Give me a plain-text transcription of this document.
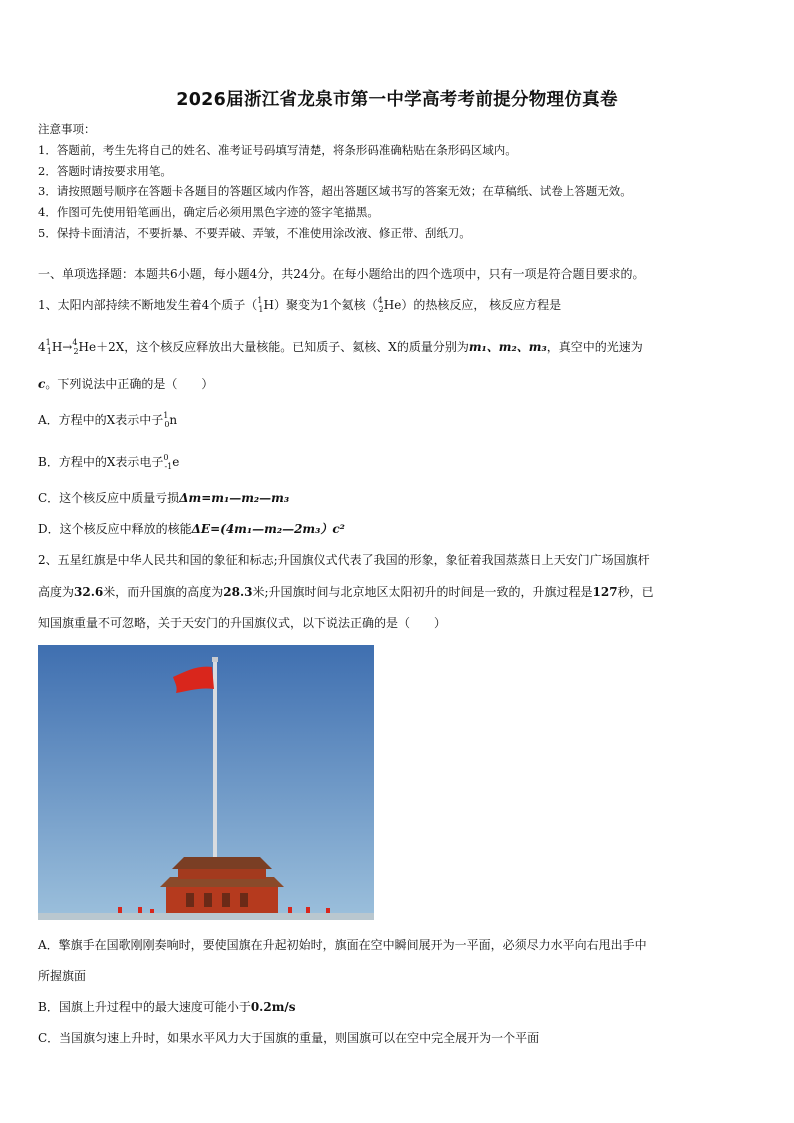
2026届浙江省龙泉市第一中学高考考前提分物理仿真卷
注意事项：
1．答题前，考生先将自己的姓名、准考证号码填写清楚，将条形码准确粘贴在条形码区域内。
2．答题时请按要求用笔。
3．请按照题号顺序在答题卡各题目的答题区域内作答，超出答题区域书写的答案无效；在草稿纸、试卷上答题无效。
4．作图可先使用铅笔画出，确定后必须用黑色字迹的签字笔描黑。
5．保持卡面清洁，不要折暴、不要弄破、弄皱，不准使用涂改液、修正带、刮纸刀。
一、单项选择题：本题共6小题，每小题4分，共24分。在每小题给出的四个选项中，只有一项是符合题目要求的。
1、太阳内部持续不断地发生着4个质子（$^1_1$H）聚变为1个氦核（$^4_2$He）的热核反应， 核反应方程是
$4^1_1H\to^4_2He+2X$，这个核反应释放出大量核能。已知质子、氦核、X的质量分别为m₁、m₂、m₃，真空中的光速为
c。下列说法中正确的是（　　）
A．方程中的X表示中子$^1_0$n
B．方程中的X表示电子$^0_{-1}$e
C．这个核反应中质量亏损Δm=m₁—m₂—m₃
D．这个核反应中释放的核能ΔE=(4m₁—m₂—2m₃）c²
2、五星红旗是中华人民共和国的象征和标志;升国旗仪式代表了我国的形象，象征着我国蒸蒸日上天安门广场国旗杆
高度为32.6米，而升国旗的高度为28.3米;升国旗时间与北京地区太阳初升的时间是一致的，升旗过程是127秒，已
知国旗重量不可忽略，关于天安门的升国旗仪式，以下说法正确的是（　　）
A．擎旗手在国歌刚刚奏响时，要使国旗在升起初始时，旗面在空中瞬间展开为一平面，必须尽力水平向右甩出手中
所握旗面
B．国旗上升过程中的最大速度可能小于0.2m/s
C．当国旗匀速上升时，如果水平风力大于国旗的重量，则国旗可以在空中完全展开为一个平面
